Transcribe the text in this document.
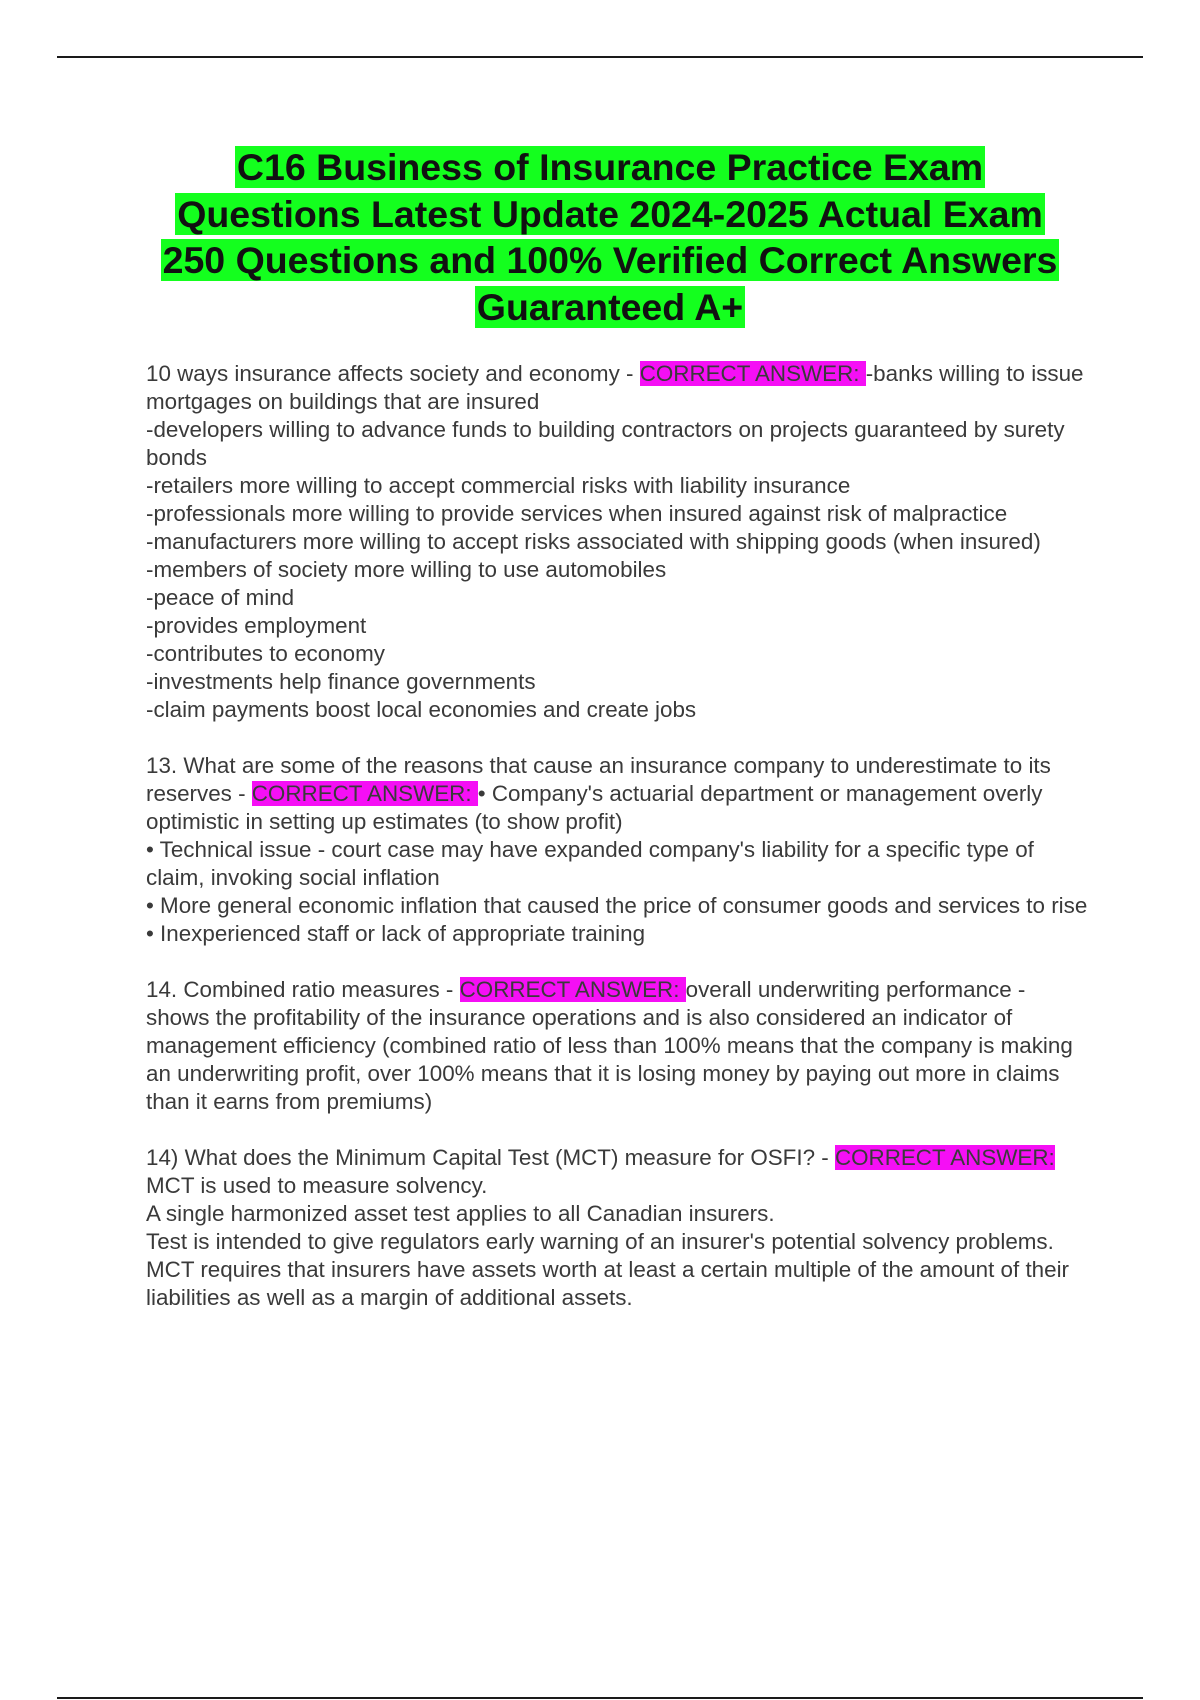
C16 Business of Insurance Practice Exam Questions Latest Update 2024-2025 Actual Exam 250 Questions and 100% Verified Correct Answers Guaranteed A+

10 ways insurance affects society and economy - CORRECT ANSWER: -banks willing to issue mortgages on buildings that are insured

-developers willing to advance funds to building contractors on projects guaranteed by surety bonds

-retailers more willing to accept commercial risks with liability insurance

-professionals more willing to provide services when insured against risk of malpractice

-manufacturers more willing to accept risks associated with shipping goods (when insured)

-members of society more willing to use automobiles

-peace of mind

-provides employment

-contributes to economy

-investments help finance governments

-claim payments boost local economies and create jobs

13. What are some of the reasons that cause an insurance company to underestimate to its reserves - CORRECT ANSWER: • Company's actuarial department or management overly optimistic in setting up estimates (to show profit)

• Technical issue - court case may have expanded company's liability for a specific type of claim, invoking social inflation

• More general economic inflation that caused the price of consumer goods and services to rise

• Inexperienced staff or lack of appropriate training

14. Combined ratio measures - CORRECT ANSWER: overall underwriting performance - shows the profitability of the insurance operations and is also considered an indicator of management efficiency (combined ratio of less than 100% means that the company is making an underwriting profit, over 100% means that it is losing money by paying out more in claims than it earns from premiums)

14) What does the Minimum Capital Test (MCT) measure for OSFI? - CORRECT ANSWER: MCT is used to measure solvency.

A single harmonized asset test applies to all Canadian insurers.

Test is intended to give regulators early warning of an insurer's potential solvency problems.

MCT requires that insurers have assets worth at least a certain multiple of the amount of their liabilities as well as a margin of additional assets.
